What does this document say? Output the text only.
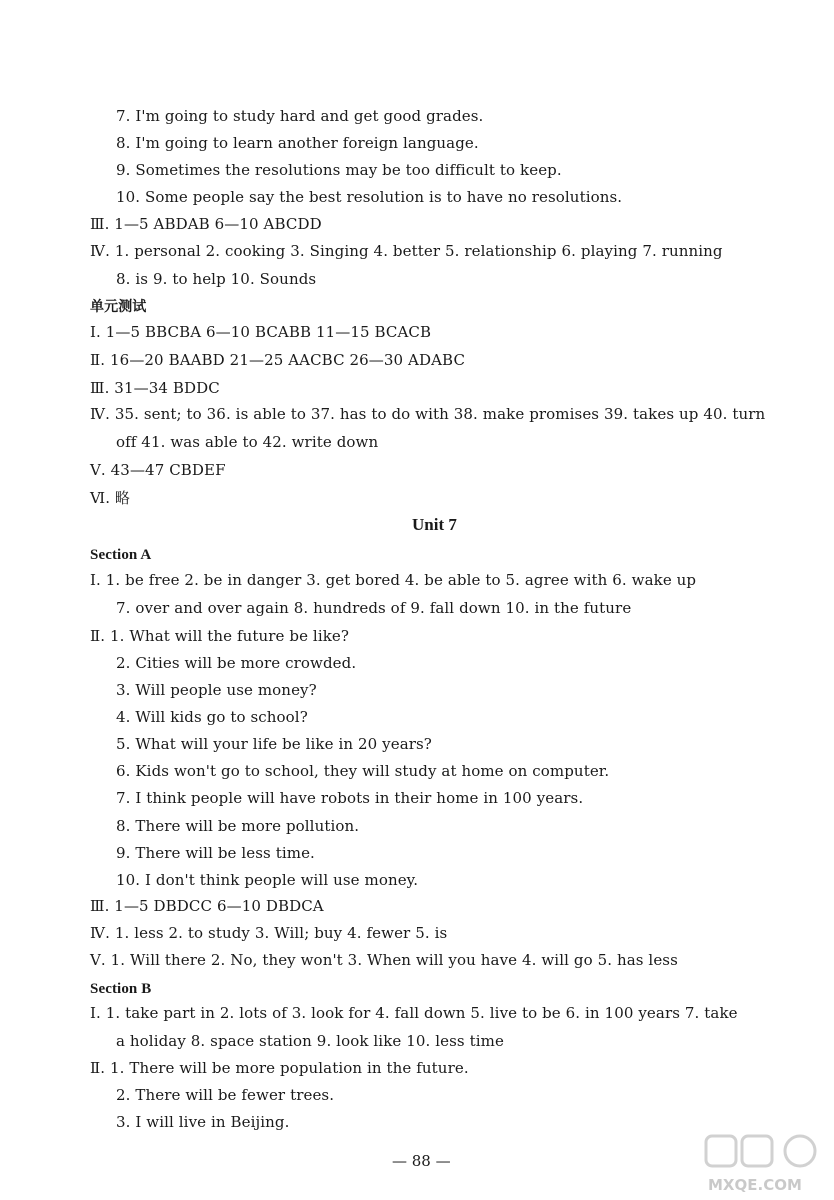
7. I'm going to study hard and get good grades.
8. I'm going to learn another foreign language.
9. Sometimes the resolutions may be too difficult to keep.
10. Some people say the best resolution is to have no resolutions.
Ⅲ. 1—5 ABDAB 6—10 ABCDD
Ⅳ. 1. personal 2. cooking 3. Singing 4. better 5. relationship 6. playing 7. running
8. is 9. to help 10. Sounds
单元测试
Ⅰ. 1—5 BBCBA 6—10 BCABB 11—15 BCACB
Ⅱ. 16—20 BAABD 21—25 AACBC 26—30 ADABC
Ⅲ. 31—34 BDDC
Ⅳ. 35. sent; to 36. is able to 37. has to do with 38. make promises 39. takes up 40. turn
off 41. was able to 42. write down
Ⅴ. 43—47 CBDEF
Ⅵ. 略
Unit 7
Section A
Ⅰ. 1. be free 2. be in danger 3. get bored 4. be able to 5. agree with 6. wake up
7. over and over again 8. hundreds of 9. fall down 10. in the future
Ⅱ. 1. What will the future be like?
2. Cities will be more crowded.
3. Will people use money?
4. Will kids go to school?
5. What will your life be like in 20 years?
6. Kids won't go to school, they will study at home on computer.
7. I think people will have robots in their home in 100 years.
8. There will be more pollution.
9. There will be less time.
10. I don't think people will use money.
Ⅲ. 1—5 DBDCC 6—10 DBDCA
Ⅳ. 1. less 2. to study 3. Will; buy 4. fewer 5. is
Ⅴ. 1. Will there 2. No, they won't 3. When will you have 4. will go 5. has less
Section B
Ⅰ. 1. take part in 2. lots of 3. look for 4. fall down 5. live to be 6. in 100 years 7. take
a holiday 8. space station 9. look like 10. less time
Ⅱ. 1. There will be more population in the future.
2. There will be fewer trees.
3. I will live in Beijing.
— 88 —
MXQE.COM
